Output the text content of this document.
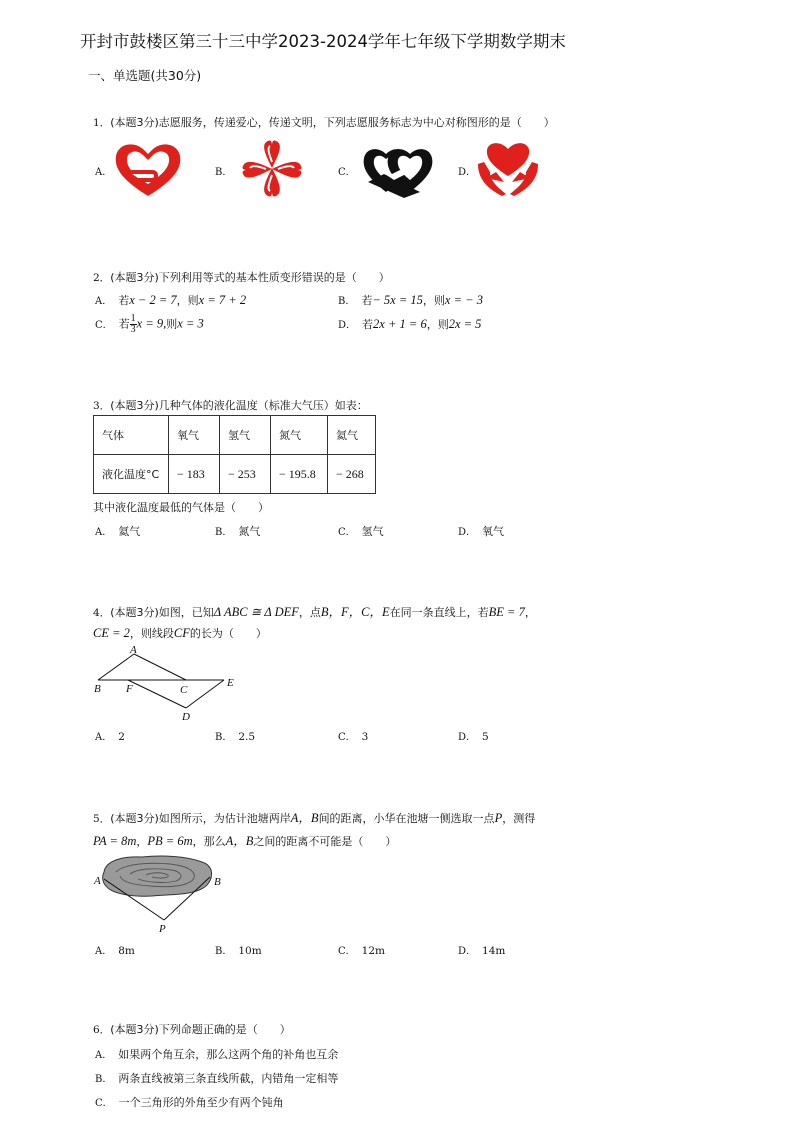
开封市鼓楼区第三十三中学2023-2024学年七年级下学期数学期末
一、单选题(共30分)
1．(本题3分)志愿服务，传递爱心，传递文明，下列志愿服务标志为中心对称图形的是（　　）
A．	B．	C．	D．
2．(本题3分)下列利用等式的基本性质变形错误的是（　　）
A． 若x − 2 = 7，则x = 7 + 2	B． 若− 5x = 15，则x = − 3
C． 若 $\frac{1}{3}$ x = 9,则x = 3	D． 若2x + 1 = 6，则2x = 5
3．(本题3分)几种气体的液化温度（标准大气压）如表：
气体	氧气	氢气	氮气	氦气
液化温度°C	− 183	− 253	− 195.8	− 268
其中液化温度最低的气体是（　　）
A． 氦气	B． 氮气	C． 氢气	D． 氧气
4．(本题3分)如图，已知Δ ABC ≅ Δ DEF，点B，F，C，E在同一条直线上，若BE = 7，
CE = 2，则线段CF的长为（　　）
A
B F	C
E
D
A． 2	B． 2.5	C． 3	D． 5
5．(本题3分)如图所示，为估计池塘两岸A，B间的距离，小华在池塘一侧选取一点P，测得
PA = 8m，PB = 6m，那么A，B之间的距离不可能是（　　）
A	B
P
A． 8m	B． 10m	C． 12m	D． 14m
6．(本题3分)下列命题正确的是（　　）
A． 如果两个角互余，那么这两个角的补角也互余
B． 两条直线被第三条直线所截，内错角一定相等
C． 一个三角形的外角至少有两个钝角
